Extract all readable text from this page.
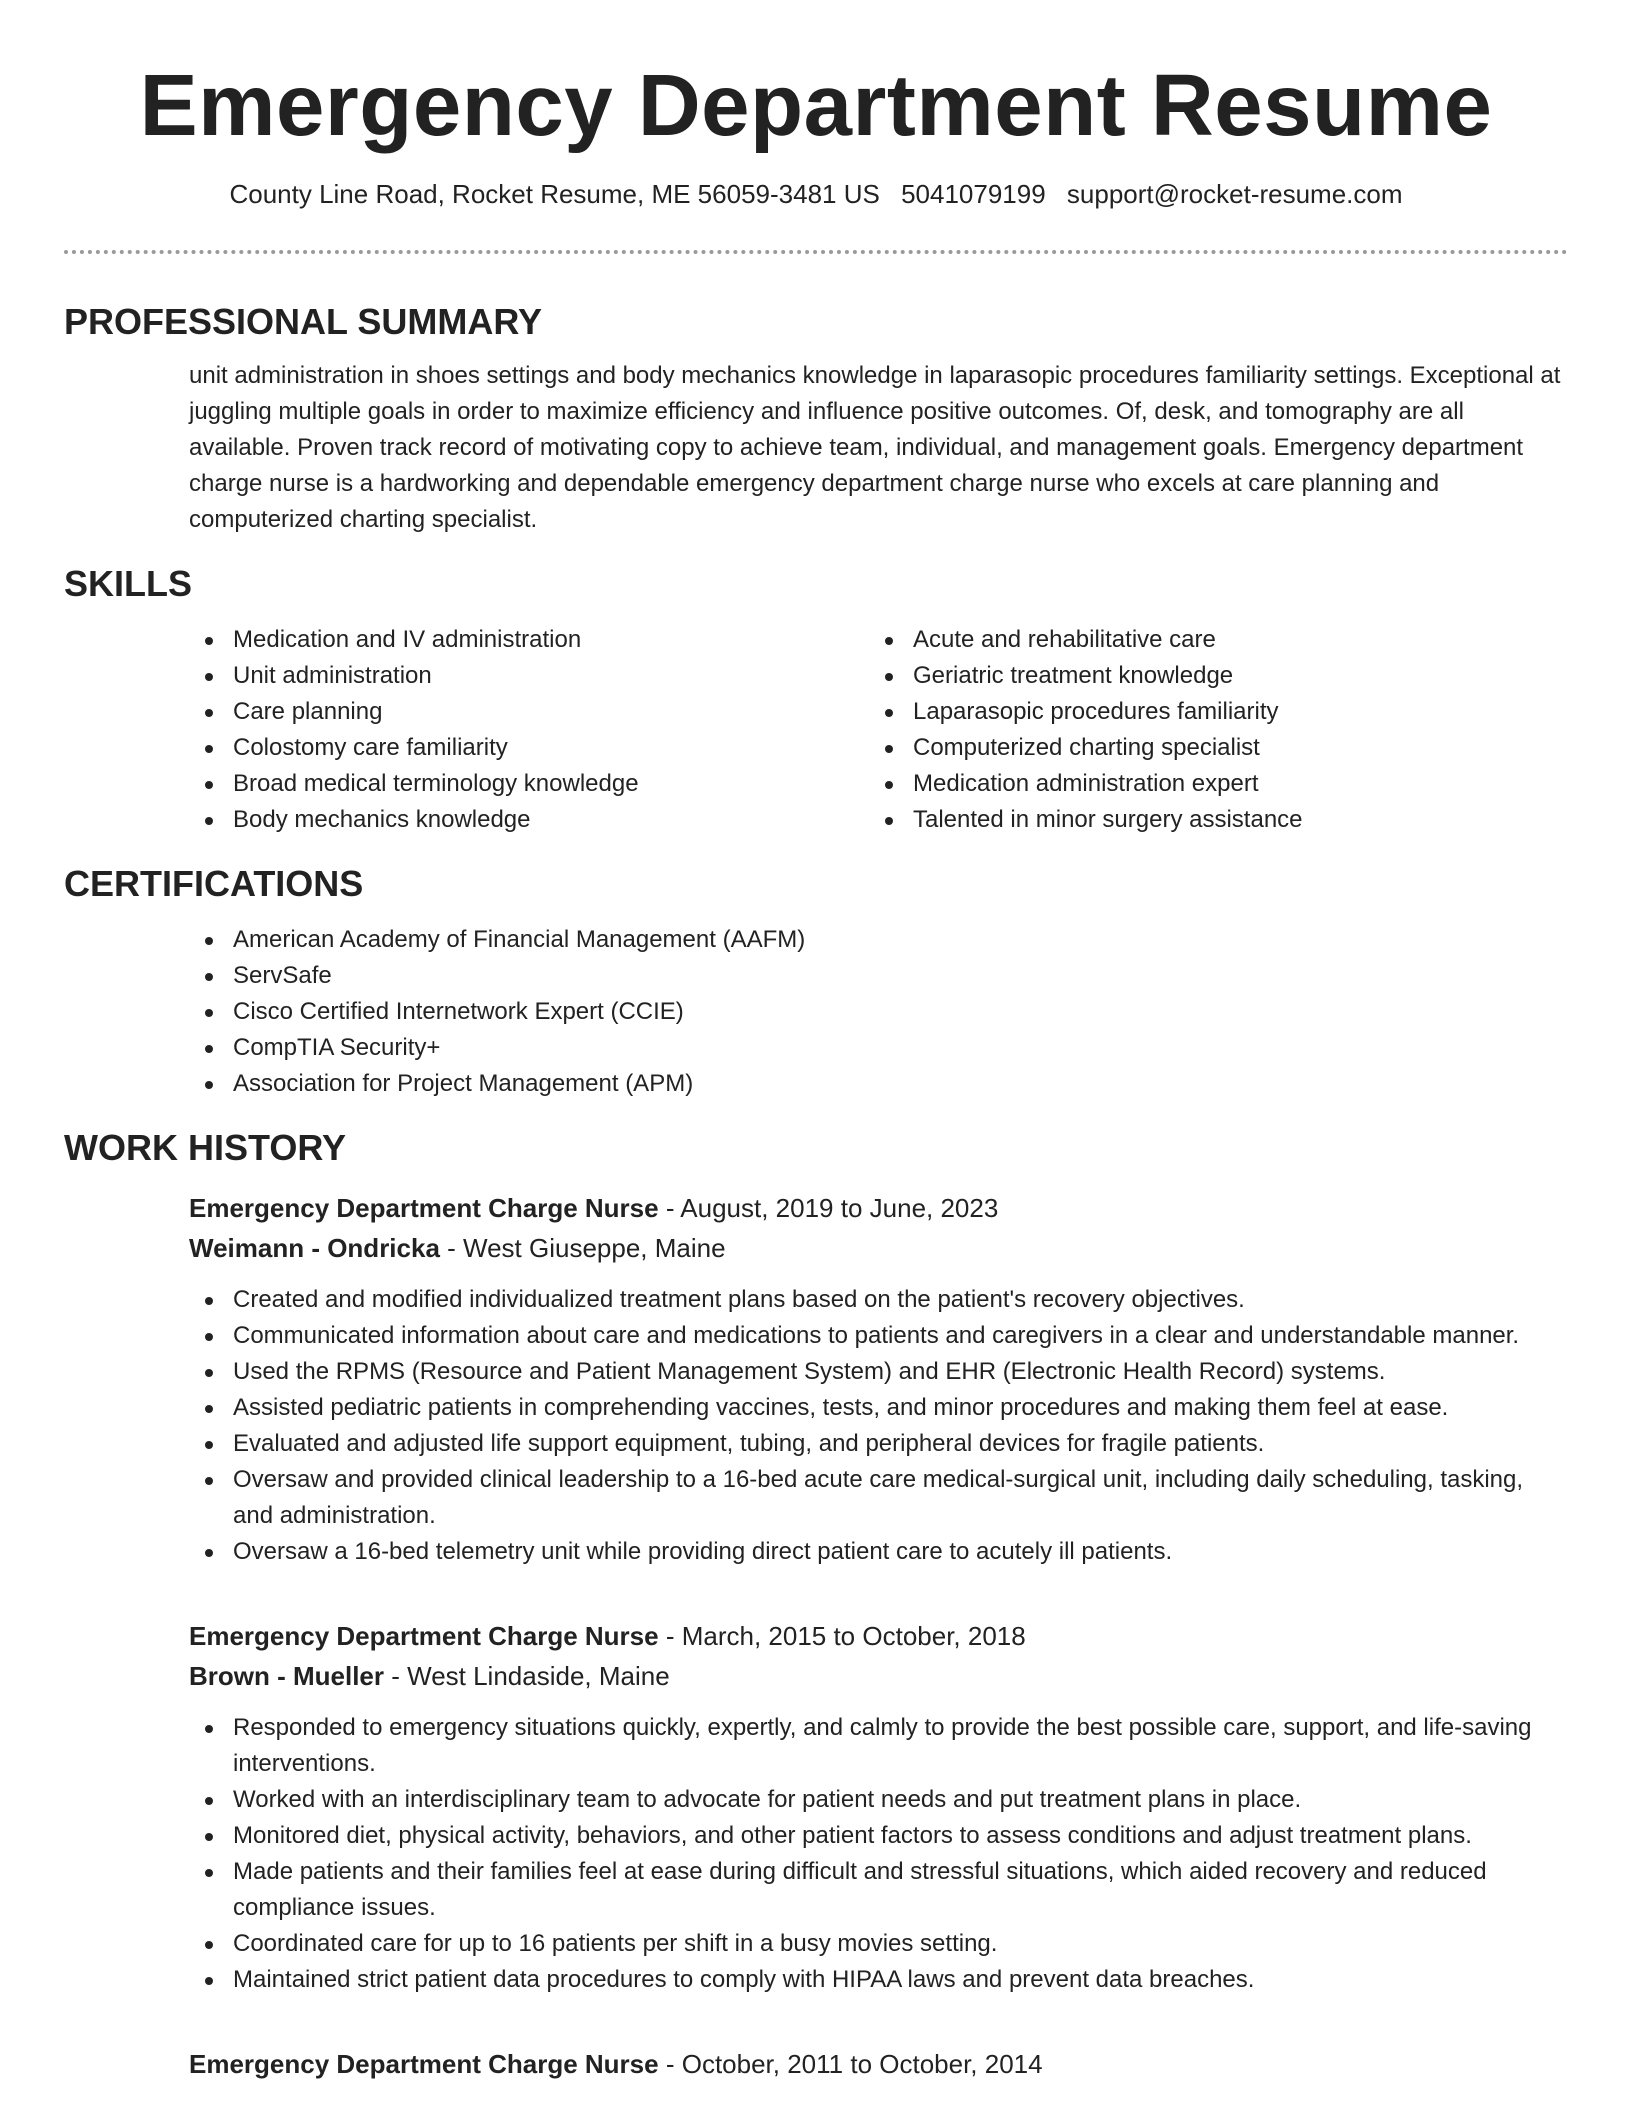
Emergency Department Resume
County Line Road, Rocket Resume, ME 56059-3481 US 5041079199 support@rocket-resume.com
PROFESSIONAL SUMMARY

unit administration in shoes settings and body mechanics knowledge in laparasopic procedures familiarity settings. Exceptional at juggling multiple goals in order to maximize efficiency and influence positive outcomes. Of, desk, and tomography are all available. Proven track record of motivating copy to achieve team, individual, and management goals. Emergency department charge nurse is a hardworking and dependable emergency department charge nurse who excels at care planning and computerized charting specialist.

SKILLS
Medication and IV administration
Unit administration
Care planning
Colostomy care familiarity
Broad medical terminology knowledge
Body mechanics knowledge
Acute and rehabilitative care
Geriatric treatment knowledge
Laparasopic procedures familiarity
Computerized charting specialist
Medication administration expert
Talented in minor surgery assistance
CERTIFICATIONS
American Academy of Financial Management (AAFM)
ServSafe
Cisco Certified Internetwork Expert (CCIE)
CompTIA Security+
Association for Project Management (APM)
WORK HISTORY
Emergency Department Charge Nurse - August, 2019 to June, 2023
Weimann - Ondricka - West Giuseppe, Maine
Created and modified individualized treatment plans based on the patient's recovery objectives.
Communicated information about care and medications to patients and caregivers in a clear and understandable manner.
Used the RPMS (Resource and Patient Management System) and EHR (Electronic Health Record) systems.
Assisted pediatric patients in comprehending vaccines, tests, and minor procedures and making them feel at ease.
Evaluated and adjusted life support equipment, tubing, and peripheral devices for fragile patients.
Oversaw and provided clinical leadership to a 16-bed acute care medical-surgical unit, including daily scheduling, tasking, and administration.
Oversaw a 16-bed telemetry unit while providing direct patient care to acutely ill patients.
Emergency Department Charge Nurse - March, 2015 to October, 2018
Brown - Mueller - West Lindaside, Maine
Responded to emergency situations quickly, expertly, and calmly to provide the best possible care, support, and life-saving interventions.
Worked with an interdisciplinary team to advocate for patient needs and put treatment plans in place.
Monitored diet, physical activity, behaviors, and other patient factors to assess conditions and adjust treatment plans.
Made patients and their families feel at ease during difficult and stressful situations, which aided recovery and reduced compliance issues.
Coordinated care for up to 16 patients per shift in a busy movies setting.
Maintained strict patient data procedures to comply with HIPAA laws and prevent data breaches.
Emergency Department Charge Nurse - October, 2011 to October, 2014
